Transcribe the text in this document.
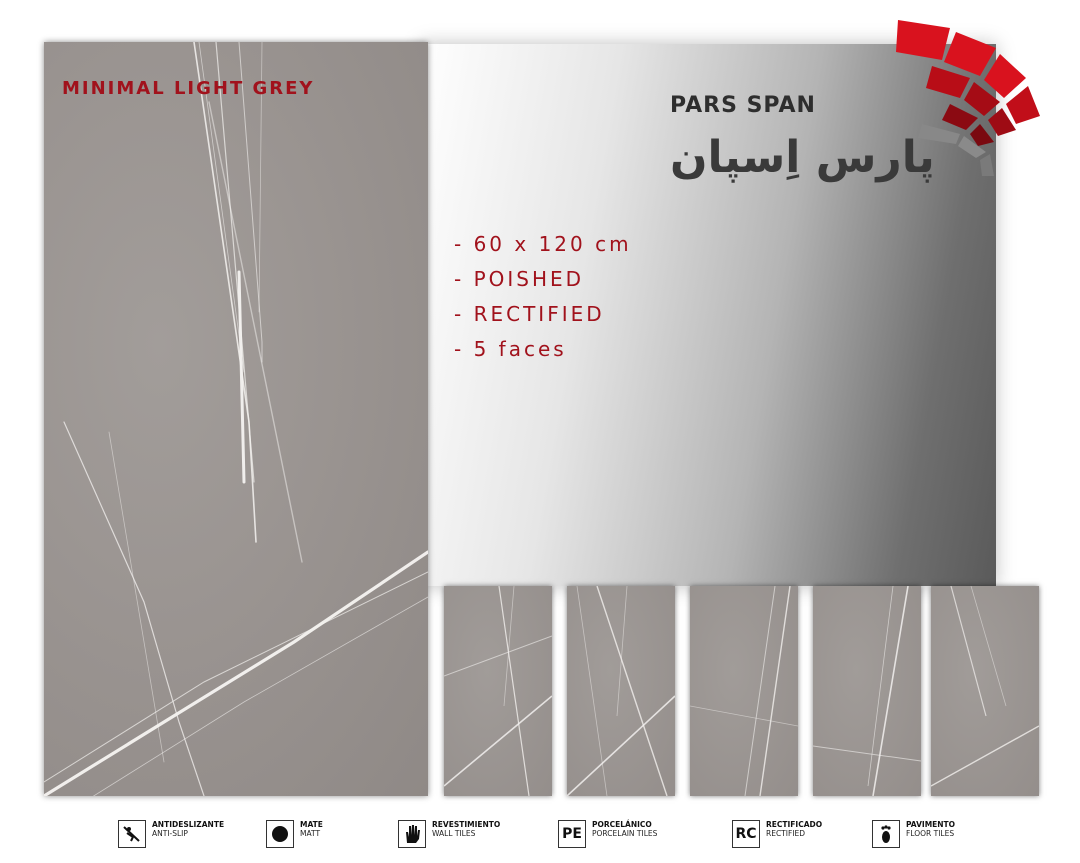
MINIMAL LIGHT GREY
PARS SPAN
پارس اِسپان
- 60 x 120 cm
- POISHED
- RECTIFIED
- 5 faces
ANTIDESLIZANTE
ANTI-SLIP
MATE
MATT
REVESTIMIENTO
WALL TILES	PE
PORCELÁNICO
PORCELAIN TILES	RC
RECTIFICADO
RECTIFIED
PAVIMENTO
FLOOR TILES
